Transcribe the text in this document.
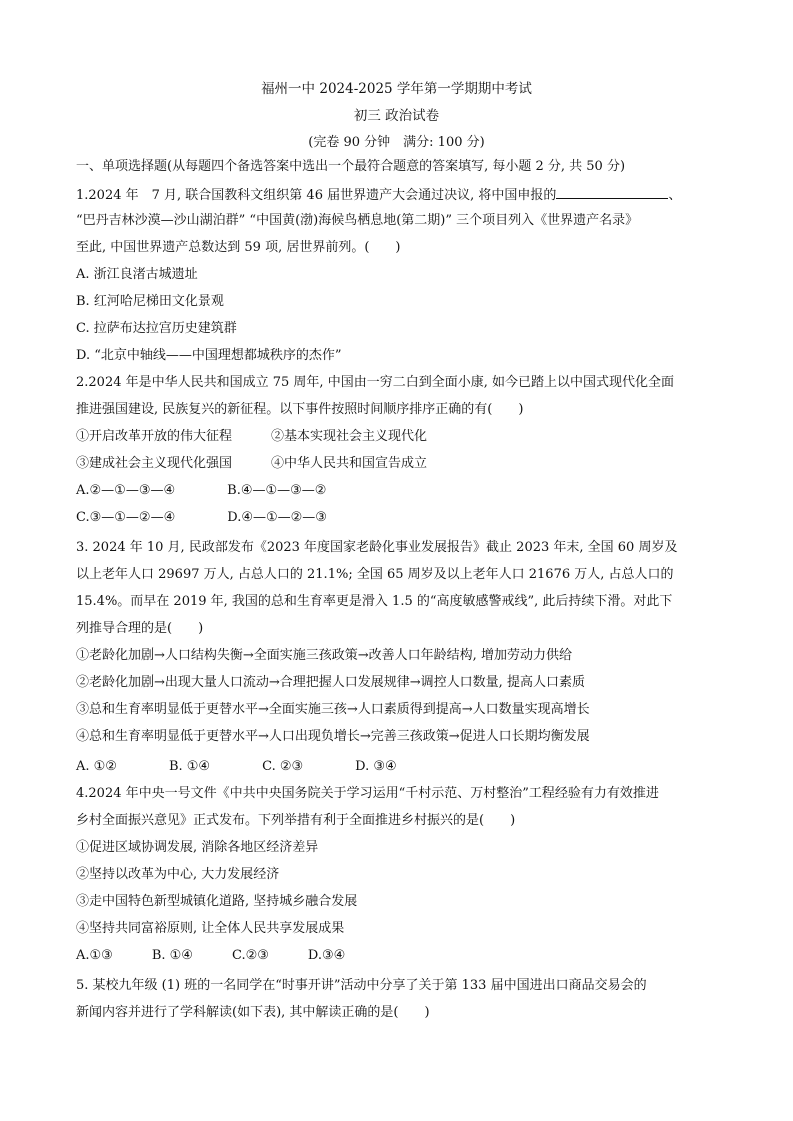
福州一中 2024-2025 学年第一学期期中考试
初三 政治试卷
(完卷 90 分钟　满分: 100 分)
一、单项选择题(从每题四个备选答案中选出一个最符合题意的答案填写, 每小题 2 分, 共 50 分)
1.2024 年　7 月, 联合国教科文组织第 46 届世界遗产大会通过决议, 将中国申报的	、
“巴丹吉林沙漠—沙山湖泊群” “中国黄(渤)海候鸟栖息地(第二期)” 三个项目列入《世界遗产名录》
至此, 中国世界遗产总数达到 59 项, 居世界前列。(　　)
A. 浙江良渚古城遗址
B. 红河哈尼梯田文化景观
C. 拉萨布达拉宫历史建筑群
D. “北京中轴线——中国理想都城秩序的杰作”
2.2024 年是中华人民共和国成立 75 周年, 中国由一穷二白到全面小康, 如今已踏上以中国式现代化全面
推进强国建设, 民族复兴的新征程。以下事件按照时间顺序排序正确的有(　　)
①开启改革开放的伟大征程　　　②基本实现社会主义现代化
③建成社会主义现代化强国　　　④中华人民共和国宣告成立
A.②—①—③—④　　　　B.④—①—③—②
C.③—①—②—④　　　　D.④—①—②—③
3. 2024 年 10 月, 民政部发布《2023 年度国家老龄化事业发展报告》截止 2023 年末, 全国 60 周岁及
以上老年人口 29697 万人, 占总人口的 21.1%; 全国 65 周岁及以上老年人口 21676 万人, 占总人口的
15.4%。而早在 2019 年, 我国的总和生育率更是滑入 1.5 的“高度敏感警戒线”, 此后持续下滑。对此下
列推导合理的是(　　)
①老龄化加剧→人口结构失衡→全面实施三孩政策→改善人口年龄结构, 增加劳动力供给
②老龄化加剧→出现大量人口流动→合理把握人口发展规律→调控人口数量, 提高人口素质
③总和生育率明显低于更替水平→全面实施三孩→人口素质得到提高→人口数量实现高增长
④总和生育率明显低于更替水平→人口出现负增长→完善三孩政策→促进人口长期均衡发展
A. ①②　　　　B. ①④　　　　C. ②③　　　　D. ③④
4.2024 年中央一号文件《中共中央国务院关于学习运用“千村示范、万村整治”工程经验有力有效推进
乡村全面振兴意见》正式发布。下列举措有利于全面推进乡村振兴的是(　　)
①促进区域协调发展, 消除各地区经济差异
②坚持以改革为中心, 大力发展经济
③走中国特色新型城镇化道路, 坚持城乡融合发展
④坚持共同富裕原则, 让全体人民共享发展成果
A.①③　　　B. ①④　　　C.②③　　　D.③④
5. 某校九年级 (1) 班的一名同学在“时事开讲”活动中分享了关于第 133 届中国进出口商品交易会的
新闻内容并进行了学科解读(如下表), 其中解读正确的是(　　)
